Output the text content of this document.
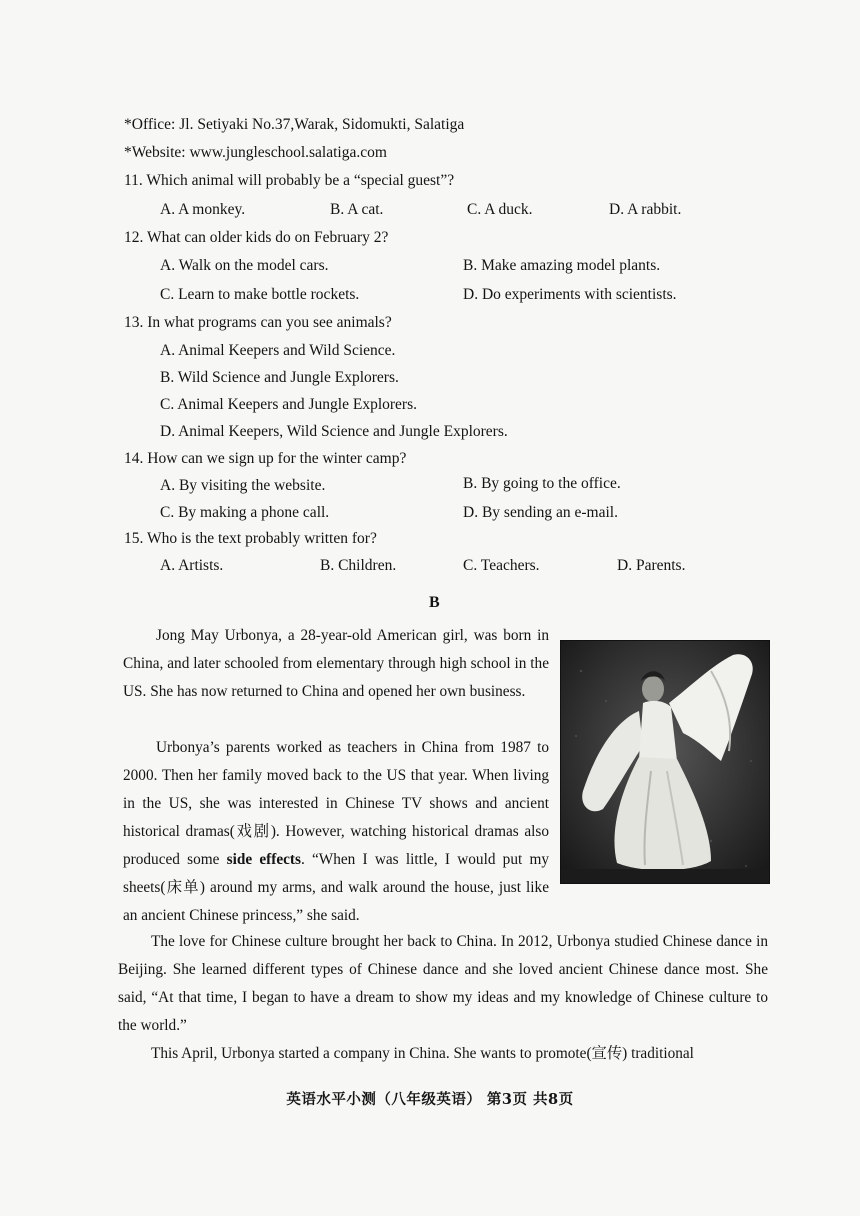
*Office: Jl. Setiyaki No.37,Warak, Sidomukti, Salatiga
*Website: www.jungleschool.salatiga.com
11. Which animal will probably be a “special guest”?
A. A monkey.	B. A cat.	C. A duck.	D. A rabbit.
12. What can older kids do on February 2?
A. Walk on the model cars.	B. Make amazing model plants.
C. Learn to make bottle rockets.	D. Do experiments with scientists.
13. In what programs can you see animals?
A. Animal Keepers and Wild Science.
B. Wild Science and Jungle Explorers.
C. Animal Keepers and Jungle Explorers.
D. Animal Keepers, Wild Science and Jungle Explorers.
14. How can we sign up for the winter camp?
A. By visiting the website.	B. By going to the office.
C. By making a phone call.	D. By sending an e-mail.
15. Who is the text probably written for?
A. Artists.	B. Children.	C. Teachers.	D. Parents.
B
Jong May Urbonya, a 28-year-old American girl, was born in China, and later schooled from elementary through high school in the US. She has now returned to China and opened her own business.
Urbonya’s parents worked as teachers in China from 1987 to 2000. Then her family moved back to the US that year. When living in the US, she was interested in Chinese TV shows and ancient historical dramas(戏剧). However, watching historical dramas also produced some side effects. “When I was little, I would put my sheets(床单) around my arms, and walk around the house, just like an ancient Chinese princess,” she said.
The love for Chinese culture brought her back to China. In 2012, Urbonya studied Chinese dance in Beijing. She learned different types of Chinese dance and she loved ancient Chinese dance most. She said, “At that time, I began to have a dream to show my ideas and my knowledge of Chinese culture to the world.”
This April, Urbonya started a company in China. She wants to promote(宣传) traditional
英语水平小测（八年级英语） 第3页 共8页
